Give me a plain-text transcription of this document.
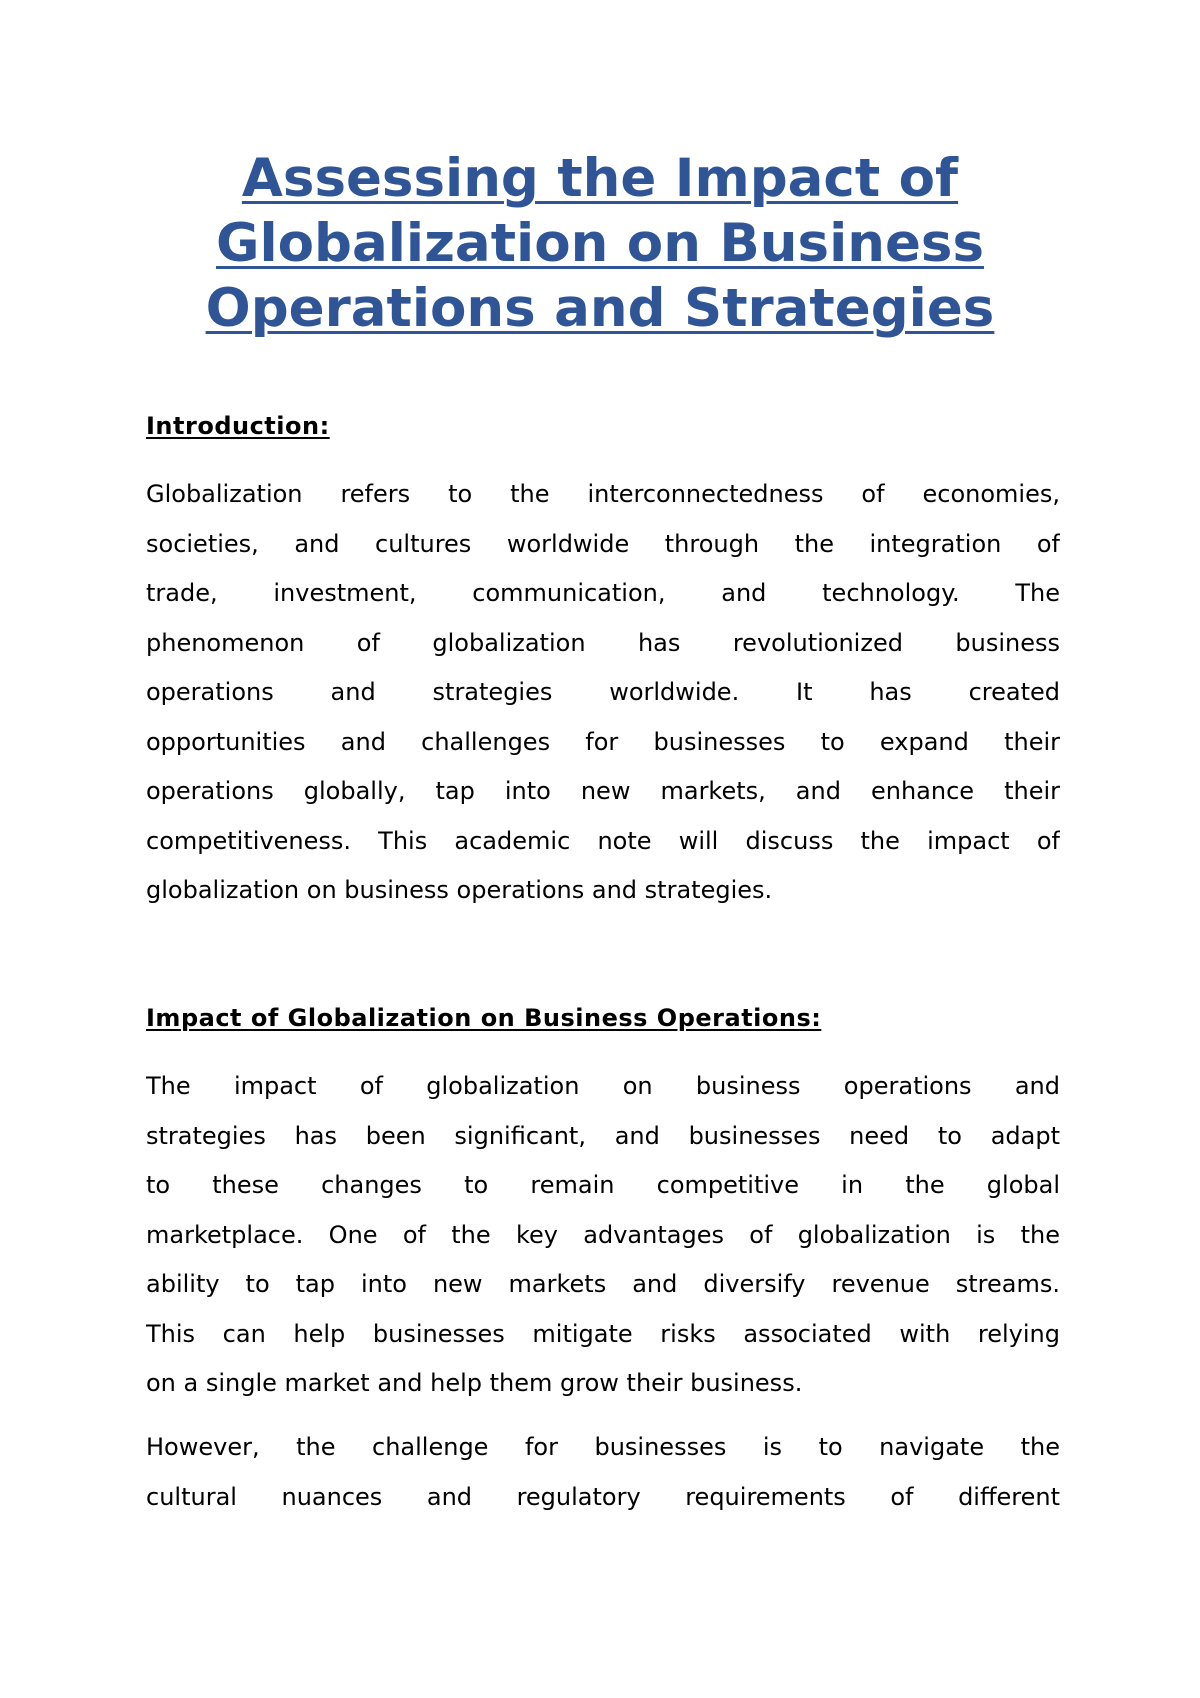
Assessing the Impact of
Globalization on Business
Operations and Strategies
Introduction:
Globalization refers to the interconnectedness of economies,
societies, and cultures worldwide through the integration of
trade, investment, communication, and technology. The
phenomenon of globalization has revolutionized business
operations and strategies worldwide. It has created
opportunities and challenges for businesses to expand their
operations globally, tap into new markets, and enhance their
competitiveness. This academic note will discuss the impact of
globalization on business operations and strategies.
Impact of Globalization on Business Operations:
The impact of globalization on business operations and
strategies has been significant, and businesses need to adapt
to these changes to remain competitive in the global
marketplace. One of the key advantages of globalization is the
ability to tap into new markets and diversify revenue streams.
This can help businesses mitigate risks associated with relying
on a single market and help them grow their business.
However, the challenge for businesses is to navigate the
cultural nuances and regulatory requirements of different
